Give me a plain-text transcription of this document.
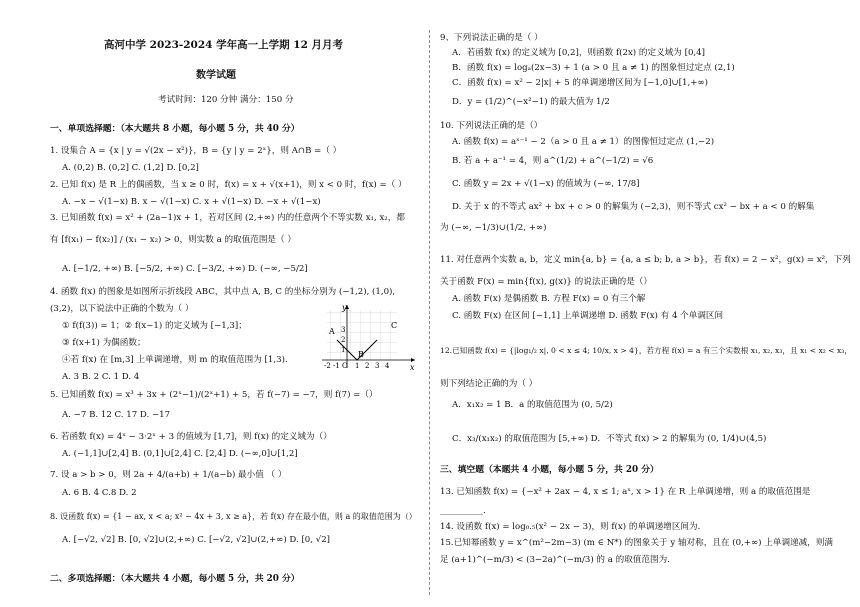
高河中学 2023-2024 学年高一上学期 12 月月考
数学试题
考试时间：120 分钟 满分：150 分
一、单项选择题：（本大题共 8 小题，每小题 5 分，共 40 分）
1. 设集合 A = {x | y = √(2x − x²)}，B = {y | y = 2ˣ}，则 A∩B =（ ）
A. (0,2) B. (0,2] C. (1,2] D. [0,2]
2. 已知 f(x) 是 R 上的偶函数，当 x ≥ 0 时，f(x) = x + √(x+1)，则 x < 0 时，f(x) =（ ）
A. −x − √(1−x) B. x − √(1−x) C. x + √(1−x) D. −x + √(1−x)
3. 已知函数 f(x) = x² + (2a−1)x + 1，若对区间 (2,+∞) 内的任意两个不等实数 x₁, x₂，都
有 [f(x₁) − f(x₂)] / (x₁ − x₂) > 0，则实数 a 的取值范围是（ ）
A. [−1/2, +∞) B. [−5/2, +∞) C. [−3/2, +∞) D. (−∞, −5/2]
4. 函数 f(x) 的图象是如图所示折线段 ABC，其中点 A, B, C 的坐标分别为 (−1,2), (1,0),
(3,2)，以下说法中正确的个数为（ ）
① f(f(3)) = 1；② f(x−1) 的定义域为 [−1,3]；
③ f(x+1) 为偶函数；
④若 f(x) 在 [m,3] 上单调递增，则 m 的取值范围为 [1,3).
A. 3 B. 2 C. 1 D. 4
5. 已知函数 f(x) = x³ + 3x + (2ˣ−1)/(2ˣ+1) + 5，若 f(−7) = −7，则 f(7) =（）
A. −7 B. 12 C. 17 D. −17
6. 若函数 f(x) = 4ˣ − 3·2ˣ + 3 的值域为 [1,7]，则 f(x) 的定义域为（）
A. (−1,1]∪[2,4] B. (0,1]∪[2,4] C. [2,4] D. (−∞,0]∪[1,2]
7. 设 a > b > 0，则 2a + 4/(a+b) + 1/(a−b) 最小值 （ ）
A. 6 B. 4 C.8 D. 2
8. 设函数 f(x) = {1 − ax, x < a; x² − 4x + 3, x ≥ a}，若 f(x) 存在最小值，则 a 的取值范围为（）
A. [−√2, √2] B. [0, √2]∪(2,+∞) C. [−√2, √2]∪(2,+∞) D. [0, √2]
二、多项选择题：（本大题共 4 小题，每小题 5 分，共 20 分）
A
B
C
x
y
O
-2 -1 1 2 3 4
1
2
3
9、下列说法正确的是（ ）
A．若函数 f(x) 的定义域为 [0,2]，则函数 f(2x) 的定义域为 [0,4]
B．函数 f(x) = logₐ(2x−3) + 1 (a > 0 且 a ≠ 1) 的图象恒过定点 (2,1)
C．函数 f(x) = x² − 2|x| + 5 的单调递增区间为 [−1,0]∪[1,+∞)
D．y = (1/2)^(−x²−1) 的最大值为 1/2
10. 下列说法正确的是（）
A. 函数 f(x) = aˣ⁻¹ − 2（a > 0 且 a ≠ 1）的图像恒过定点 (1,−2)
B. 若 a + a⁻¹ = 4，则 a^(1/2) + a^(−1/2) = √6
C. 函数 y = 2x + √(1−x) 的值域为 (−∞, 17/8]
D. 关于 x 的不等式 ax² + bx + c > 0 的解集为 (−2,3)，则不等式 cx² − bx + a < 0 的解集
为 (−∞, −1/3)∪(1/2, +∞)
11. 对任意两个实数 a, b，定义 min{a, b} = {a, a ≤ b; b, a > b}，若 f(x) = 2 − x²，g(x) = x²，下列
关于函数 F(x) = min{f(x), g(x)} 的说法正确的是（）
A. 函数 F(x) 是偶函数 B. 方程 F(x) = 0 有三个解
C. 函数 F(x) 在区间 [−1,1] 上单调递增 D. 函数 F(x) 有 4 个单调区间
12.已知函数 f(x) = {|log₁/₂ x|, 0 < x ≤ 4; 10/x, x > 4}，若方程 f(x) = a 有三个实数根 x₁, x₂, x₃，且 x₁ < x₂ < x₃，
则下列结论正确的为（ ）
A．x₁x₂ = 1 B．a 的取值范围为 (0, 5/2)
C．x₃/(x₁x₂) 的取值范围为 [5,+∞) D．不等式 f(x) > 2 的解集为 (0, 1/4)∪(4,5)
三、填空题（本题共 4 小题，每小题 5 分，共 20 分）
13. 已知函数 f(x) = {−x² + 2ax − 4, x ≤ 1; aˣ, x > 1} 在 R 上单调递增，则 a 的取值范围是
__________.
14. 设函数 f(x) = log₀.₅(x² − 2x − 3)，则 f(x) 的单调递增区间为.
15.已知幂函数 y = x^(m²−2m−3) (m ∈ N*) 的图象关于 y 轴对称，且在 (0,+∞) 上单调递减，则满
足 (a+1)^(−m/3) < (3−2a)^(−m/3) 的 a 的取值范围为.
